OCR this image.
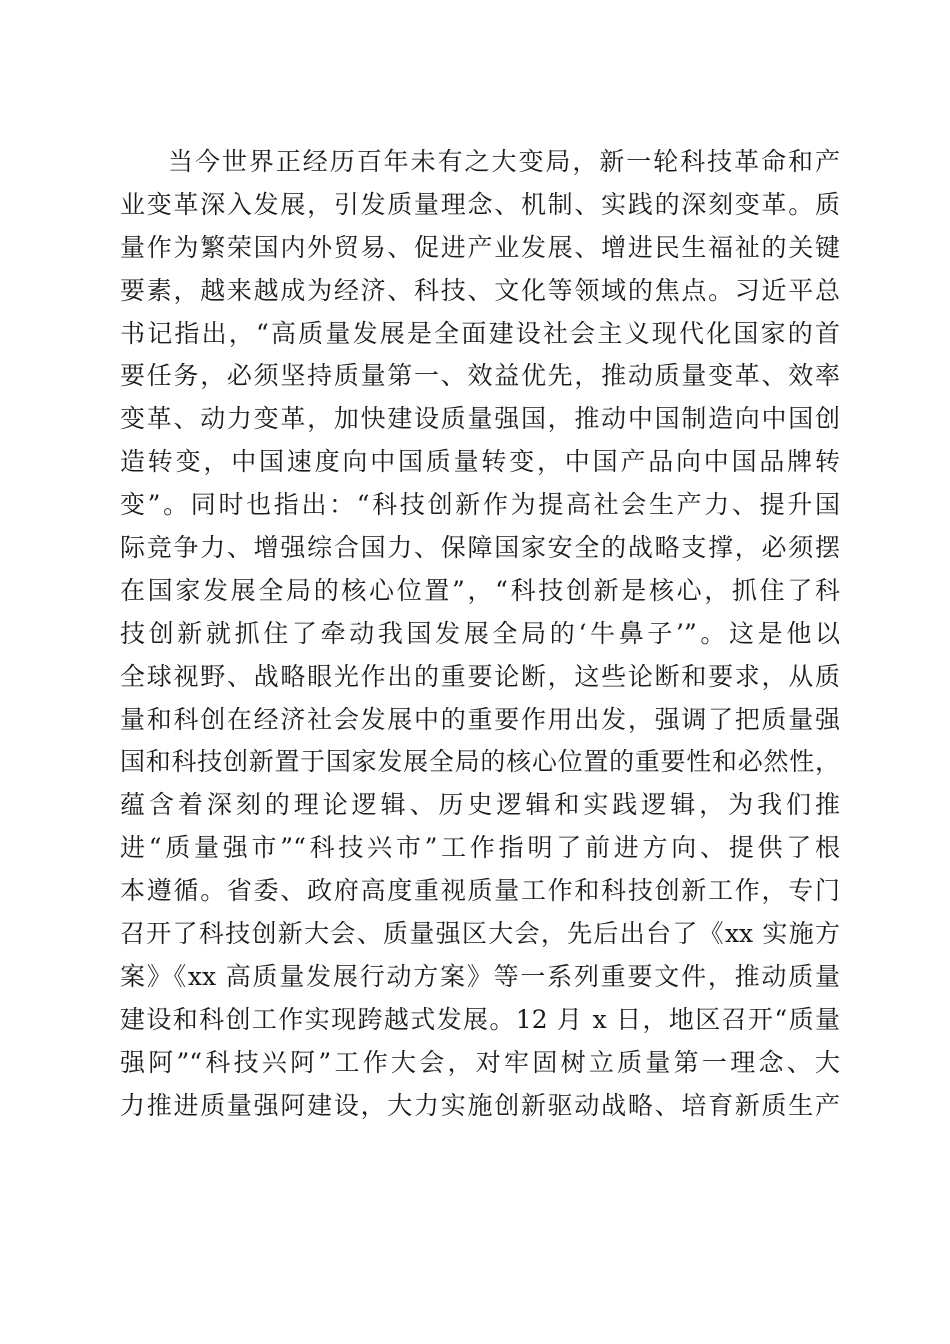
当今世界正经历百年未有之大变局，新一轮科技革命和产
业变革深入发展，引发质量理念、机制、实践的深刻变革。质
量作为繁荣国内外贸易、促进产业发展、增进民生福祉的关键
要素，越来越成为经济、科技、文化等领域的焦点。习近平总
书记指出，“高质量发展是全面建设社会主义现代化国家的首
要任务，必须坚持质量第一、效益优先，推动质量变革、效率
变革、动力变革，加快建设质量强国，推动中国制造向中国创
造转变，中国速度向中国质量转变，中国产品向中国品牌转
变”。同时也指出：“科技创新作为提高社会生产力、提升国
际竞争力、增强综合国力、保障国家安全的战略支撑，必须摆
在国家发展全局的核心位置”，“科技创新是核心，抓住了科
技创新就抓住了牵动我国发展全局的‘牛鼻子’”。这是他以
全球视野、战略眼光作出的重要论断，这些论断和要求，从质
量和科创在经济社会发展中的重要作用出发，强调了把质量强
国和科技创新置于国家发展全局的核心位置的重要性和必然性，
蕴含着深刻的理论逻辑、历史逻辑和实践逻辑，为我们推
进“质量强市”“科技兴市”工作指明了前进方向、提供了根
本遵循。省委、政府高度重视质量工作和科技创新工作，专门
召开了科技创新大会、质量强区大会，先后出台了《xx 实施方
案》《xx 高质量发展行动方案》等一系列重要文件，推动质量
建设和科创工作实现跨越式发展。12 月 x 日，地区召开“质量
强阿”“科技兴阿”工作大会，对牢固树立质量第一理念、大
力推进质量强阿建设，大力实施创新驱动战略、培育新质生产
